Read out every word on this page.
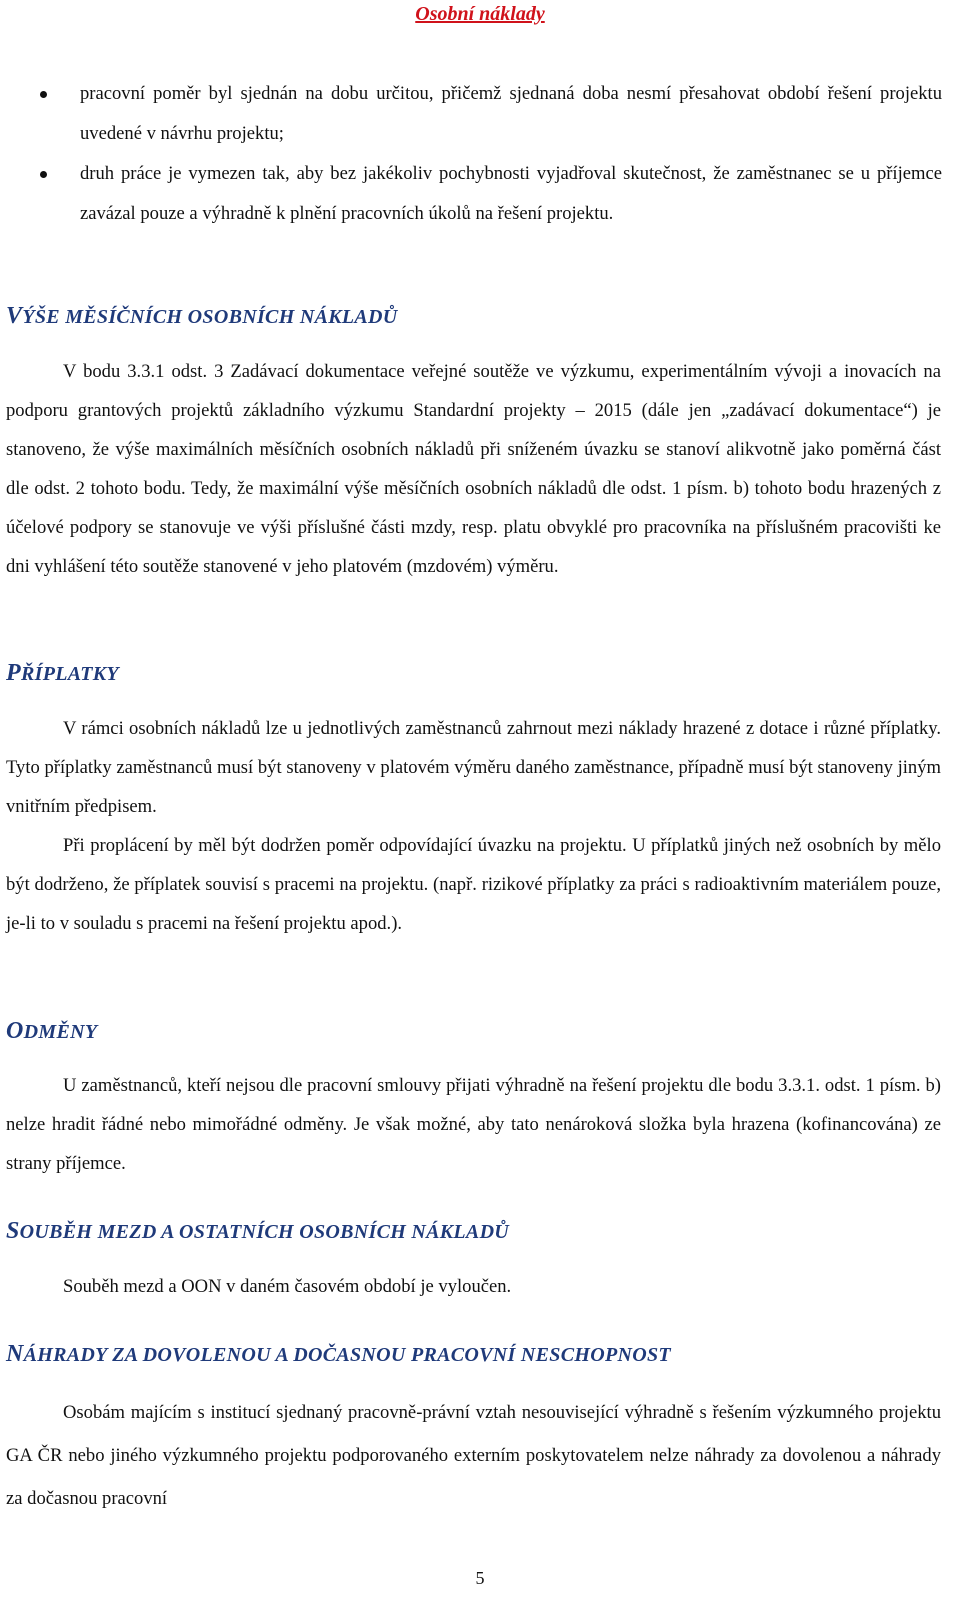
Osobní náklady
pracovní poměr byl sjednán na dobu určitou, přičemž sjednaná doba nesmí přesahovat období řešení projektu uvedené v návrhu projektu;
druh práce je vymezen tak, aby bez jakékoliv pochybnosti vyjadřoval skutečnost, že zaměstnanec se u příjemce zavázal pouze a výhradně k plnění pracovních úkolů na řešení projektu.
VÝŠE MĚSÍČNÍCH OSOBNÍCH NÁKLADŮ

V bodu 3.3.1 odst. 3 Zadávací dokumentace veřejné soutěže ve výzkumu, experimentálním vývoji a inovacích na podporu grantových projektů základního výzkumu Standardní projekty – 2015 (dále jen „zadávací dokumentace“) je stanoveno, že výše maximálních měsíčních osobních nákladů při sníženém úvazku se stanoví alikvotně jako poměrná část dle odst. 2 tohoto bodu. Tedy, že maximální výše měsíčních osobních nákladů dle odst. 1 písm. b) tohoto bodu hrazených z účelové podpory se stanovuje ve výši příslušné části mzdy, resp. platu obvyklé pro pracovníka na příslušném pracovišti ke dni vyhlášení této soutěže stanovené v jeho platovém (mzdovém) výměru.

PŘÍPLATKY

V rámci osobních nákladů lze u jednotlivých zaměstnanců zahrnout mezi náklady hrazené z dotace i různé příplatky. Tyto příplatky zaměstnanců musí být stanoveny v platovém výměru daného zaměstnance, případně musí být stanoveny jiným vnitřním předpisem.

Při proplácení by měl být dodržen poměr odpovídající úvazku na projektu. U příplatků jiných než osobních by mělo být dodrženo, že příplatek souvisí s pracemi na projektu. (např. rizikové příplatky za práci s radioaktivním materiálem pouze, je-li to v souladu s pracemi na řešení projektu apod.).

ODMĚNY

U zaměstnanců, kteří nejsou dle pracovní smlouvy přijati výhradně na řešení projektu dle bodu 3.3.1. odst. 1 písm. b) nelze hradit řádné nebo mimořádné odměny. Je však možné, aby tato nenároková složka byla hrazena (kofinancována) ze strany příjemce.

SOUBĚH MEZD A OSTATNÍCH OSOBNÍCH NÁKLADŮ

Souběh mezd a OON v daném časovém období je vyloučen.

NÁHRADY ZA DOVOLENOU A DOČASNOU PRACOVNÍ NESCHOPNOST

Osobám majícím s institucí sjednaný pracovně-právní vztah nesouvisející výhradně s řešením výzkumného projektu GA ČR nebo jiného výzkumného projektu podporovaného externím poskytovatelem nelze náhrady za dovolenou a náhrady za dočasnou pracovní

5
